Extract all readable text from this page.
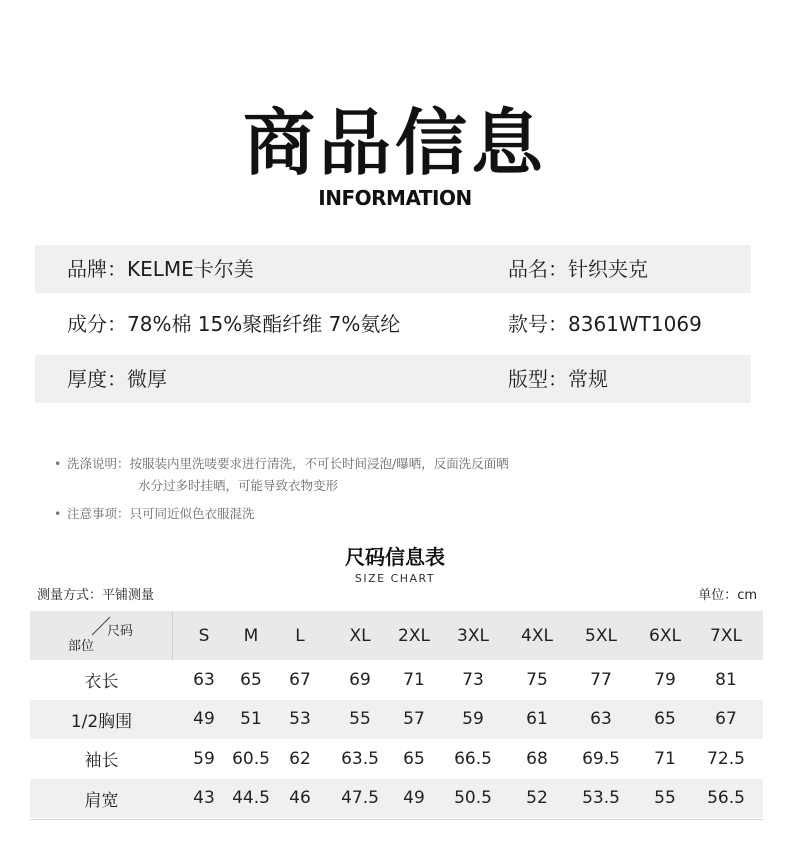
商品信息
INFORMATION
品牌：KELME卡尔美	品名：针织夹克
成分：78%棉 15%聚酯纤维 7%氨纶	款号：8361WT1069
厚度：微厚	版型：常规
• 洗涤说明：按服装内里洗唛要求进行清洗，不可长时间浸泡/曝晒，反面洗反面晒
水分过多时挂晒，可能导致衣物变形
• 注意事项：只可同近似色衣服混洗
尺码信息表
SIZE CHART
测量方式：平铺测量	单位：cm
尺码
部位
S	M	L	XL	2XL	3XL	4XL	5XL	6XL	7XL
衣长	63	65	67	69	71	73	75	77	79	81
1/2胸围	49	51	53	55	57	59	61	63	65	67
袖长	59	60.5	62	63.5	65	66.5	68	69.5	71	72.5
肩宽	43	44.5	46	47.5	49	50.5	52	53.5	55	56.5
